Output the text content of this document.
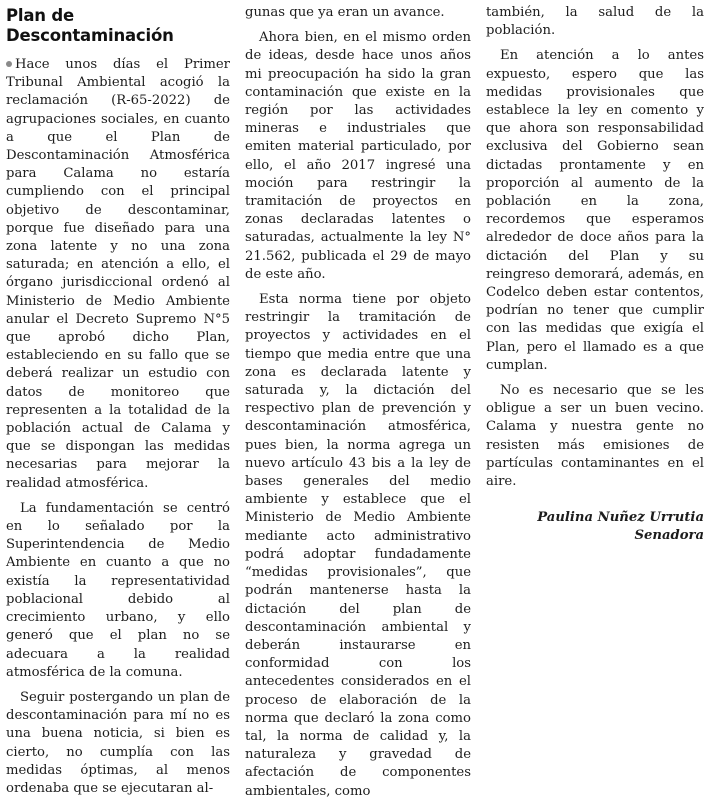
Plan de Descontaminación

Hace unos días el Primer Tribunal Ambiental acogió la reclamación (R-65-2022) de agrupaciones sociales, en cuanto a que el Plan de Descontaminación Atmosférica para Calama no estaría cumpliendo con el principal objetivo de descontaminar, porque fue diseñado para una zona latente y no una zona saturada; en atención a ello, el órgano jurisdiccional ordenó al Ministerio de Medio Ambiente anular el Decreto Supremo N°5 que aprobó dicho Plan, estableciendo en su fallo que se deberá realizar un estudio con datos de monitoreo que representen a la totalidad de la población actual de Calama y que se dispongan las medidas necesarias para mejorar la realidad atmosférica.

La fundamentación se centró en lo señalado por la Superintendencia de Medio Ambiente en cuanto a que no existía la representatividad poblacional debido al crecimiento urbano, y ello generó que el plan no se adecuara a la realidad atmosférica de la comuna.

Seguir postergando un plan de descontaminación para mí no es una buena noticia, si bien es cierto, no cumplía con las medidas óptimas, al menos ordenaba que se ejecutaran al-

gunas que ya eran un avance.

Ahora bien, en el mismo orden de ideas, desde hace unos años mi preocupación ha sido la gran contaminación que existe en la región por las actividades mineras e industriales que emiten material particulado, por ello, el año 2017 ingresé una moción para restringir la tramitación de proyectos en zonas declaradas latentes o saturadas, actualmente la ley N° 21.562, publicada el 29 de mayo de este año.

Esta norma tiene por objeto restringir la tramitación de proyectos y actividades en el tiempo que media entre que una zona es declarada latente y saturada y, la dictación del respectivo plan de prevención y descontaminación atmosférica, pues bien, la norma agrega un nuevo artículo 43 bis a la ley de bases generales del medio ambiente y establece que el Ministerio de Medio Ambiente mediante acto administrativo podrá adoptar fundadamente “medidas provisionales”, que podrán mantenerse hasta la dictación del plan de descontaminación ambiental y deberán instaurarse en conformidad con los antecedentes considerados en el proceso de elaboración de la norma que declaró la zona como tal, la norma de calidad y, la naturaleza y gravedad de afectación de componentes ambientales, como

también, la salud de la población.

En atención a lo antes expuesto, espero que las medidas provisionales que establece la ley en comento y que ahora son responsabilidad exclusiva del Gobierno sean dictadas prontamente y en proporción al aumento de la población en la zona, recordemos que esperamos alrededor de doce años para la dictación del Plan y su reingreso demorará, además, en Codelco deben estar contentos, podrían no tener que cumplir con las medidas que exigía el Plan, pero el llamado es a que cumplan.

No es necesario que se les obligue a ser un buen vecino. Calama y nuestra gente no resisten más emisiones de partículas contaminantes en el aire.

Paulina Nuñez Urrutia
Senadora
